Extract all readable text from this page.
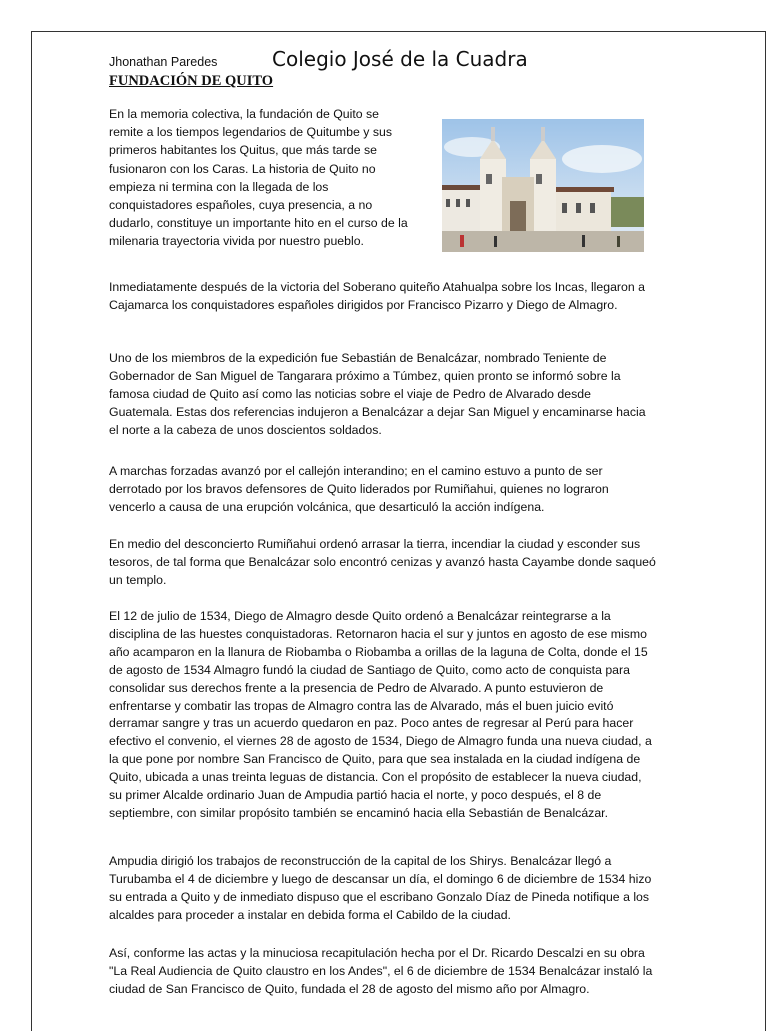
Jhonathan Paredes	Colegio José de la Cuadra
FUNDACIÓN DE QUITO

En la memoria colectiva, la fundación de Quito se remite a los tiempos legendarios de Quitumbe y sus primeros habitantes los Quitus, que más tarde se fusionaron con los Caras. La historia de Quito no empieza ni termina con la llegada de los conquistadores españoles, cuya presencia, a no dudarlo, constituye un importante hito en el curso de la milenaria trayectoria vivida por nuestro pueblo.

Inmediatamente después de la victoria del Soberano quiteño Atahualpa sobre los Incas, llegaron a Cajamarca los conquistadores españoles dirigidos por Francisco Pizarro y Diego de Almagro.

Uno de los miembros de la expedición fue Sebastián de Benalcázar, nombrado Teniente de Gobernador de San Miguel de Tangarara próximo a Túmbez, quien pronto se informó sobre la famosa ciudad de Quito así como las noticias sobre el viaje de Pedro de Alvarado desde Guatemala. Estas dos referencias indujeron a Benalcázar a dejar San Miguel y encaminarse hacia el norte a la cabeza de unos doscientos soldados.

A marchas forzadas avanzó por el callejón interandino; en el camino estuvo a punto de ser derrotado por los bravos defensores de Quito liderados por Rumiñahui, quienes no lograron vencerlo a causa de una erupción volcánica, que desarticuló la acción indígena.

En medio del desconcierto Rumiñahui ordenó arrasar la tierra, incendiar la ciudad y esconder sus tesoros, de tal forma que Benalcázar solo encontró cenizas y avanzó hasta Cayambe donde saqueó un templo.

El 12 de julio de 1534, Diego de Almagro desde Quito ordenó a Benalcázar reintegrarse a la disciplina de las huestes conquistadoras. Retornaron hacia el sur y juntos en agosto de ese mismo año acamparon en la llanura de Riobamba o Riobamba a orillas de la laguna de Colta, donde el 15 de agosto de 1534 Almagro fundó la ciudad de Santiago de Quito, como acto de conquista para consolidar sus derechos frente a la presencia de Pedro de Alvarado. A punto estuvieron de enfrentarse y combatir las tropas de Almagro contra las de Alvarado, más el buen juicio evitó derramar sangre y tras un acuerdo quedaron en paz. Poco antes de regresar al Perú para hacer efectivo el convenio, el viernes 28 de agosto de 1534, Diego de Almagro funda una nueva ciudad, a la que pone por nombre San Francisco de Quito, para que sea instalada en la ciudad indígena de Quito, ubicada a unas treinta leguas de distancia. Con el propósito de establecer la nueva ciudad, su primer Alcalde ordinario Juan de Ampudia partió hacia el norte, y poco después, el 8 de septiembre, con similar propósito también se encaminó hacia ella Sebastián de Benalcázar.

Ampudia dirigió los trabajos de reconstrucción de la capital de los Shirys. Benalcázar llegó a Turubamba el 4 de diciembre y luego de descansar un día, el domingo 6 de diciembre de 1534 hizo su entrada a Quito y de inmediato dispuso que el escribano Gonzalo Díaz de Pineda notifique a los alcaldes para proceder a instalar en debida forma el Cabildo de la ciudad.

Así, conforme las actas y la minuciosa recapitulación hecha por el Dr. Ricardo Descalzi en su obra "La Real Audiencia de Quito claustro en los Andes", el 6 de diciembre de 1534 Benalcázar instaló la ciudad de San Francisco de Quito, fundada el 28 de agosto del mismo año por Almagro.
